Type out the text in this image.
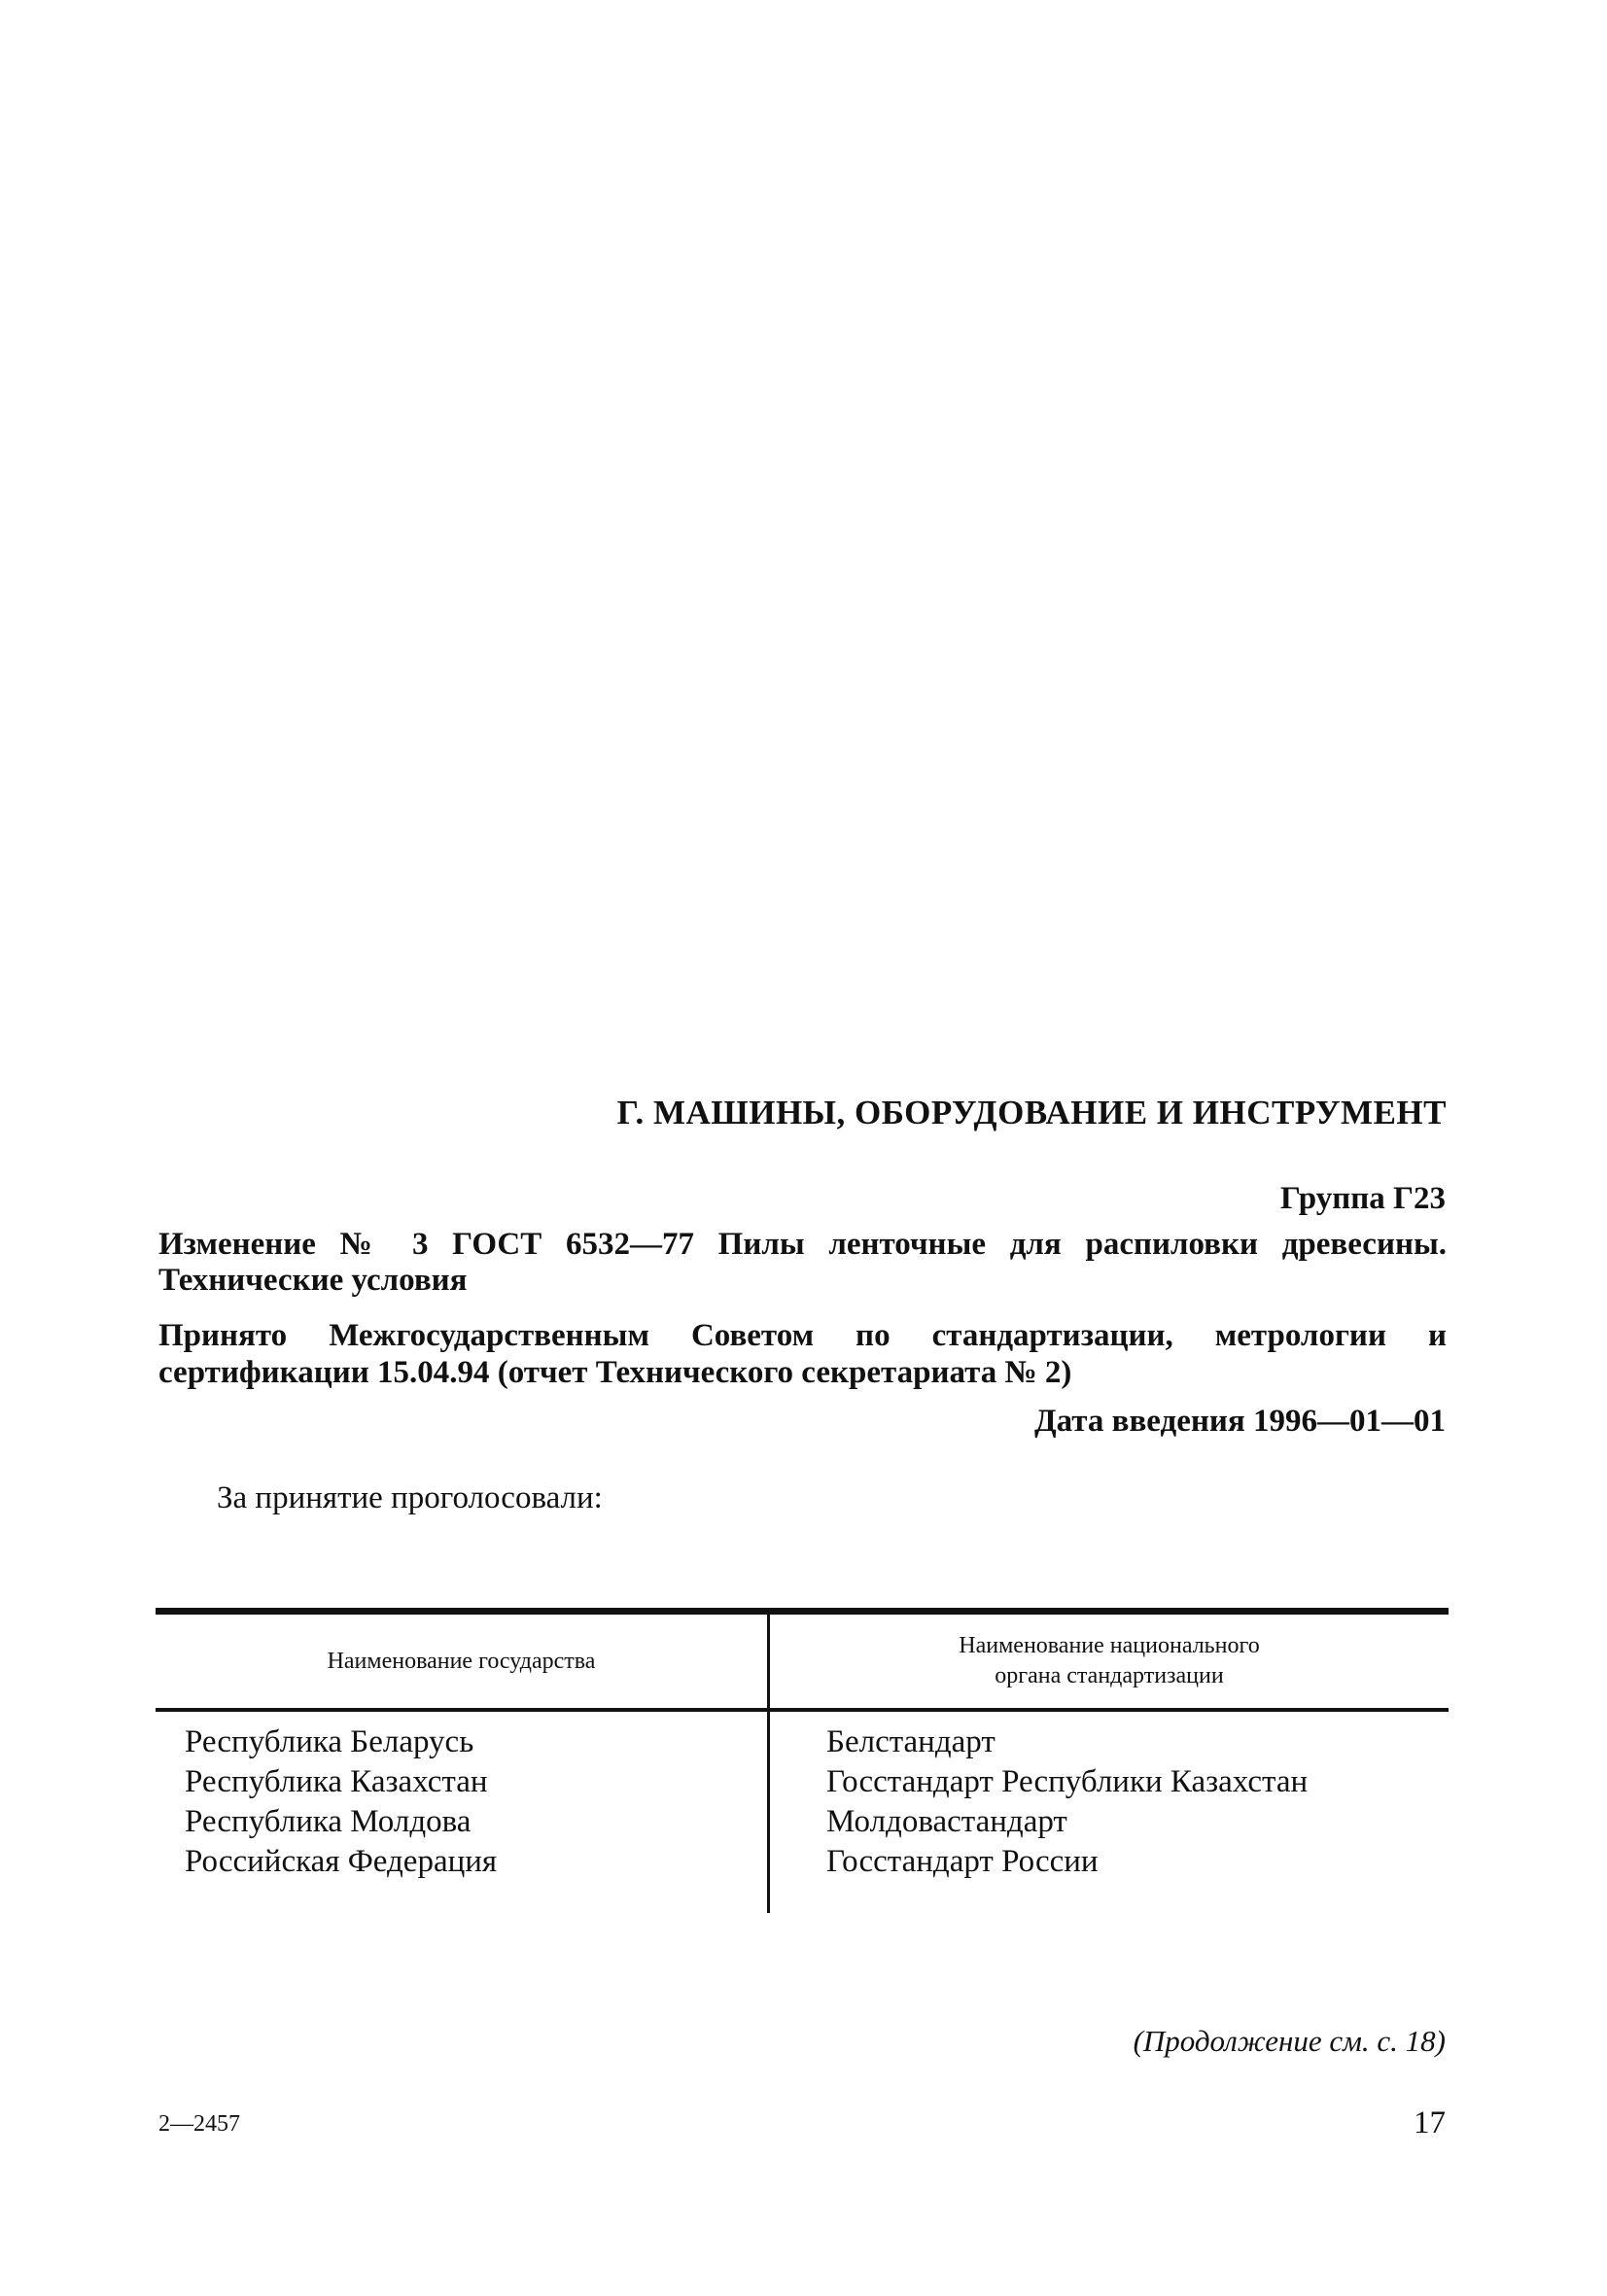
Г. МАШИНЫ, ОБОРУДОВАНИЕ И ИНСТРУМЕНТ
Группа Г23
Изменение № 3 ГОСТ 6532—77 Пилы ленточные для распиловки древесины. Технические условия
Принято Межгосударственным Советом по стандартизации, метрологии и сертификации 15.04.94 (отчет Технического секретариата № 2)
Дата введения 1996—01—01
За принятие проголосовали:
Наименование государства
Наименование национального
органа стандартизации
Республика Беларусь
Республика Казахстан
Республика Молдова
Российская Федерация
Белстандарт
Госстандарт Республики Казахстан
Молдовастандарт
Госстандарт России
(Продолжение см. с. 18)
2—2457	17
